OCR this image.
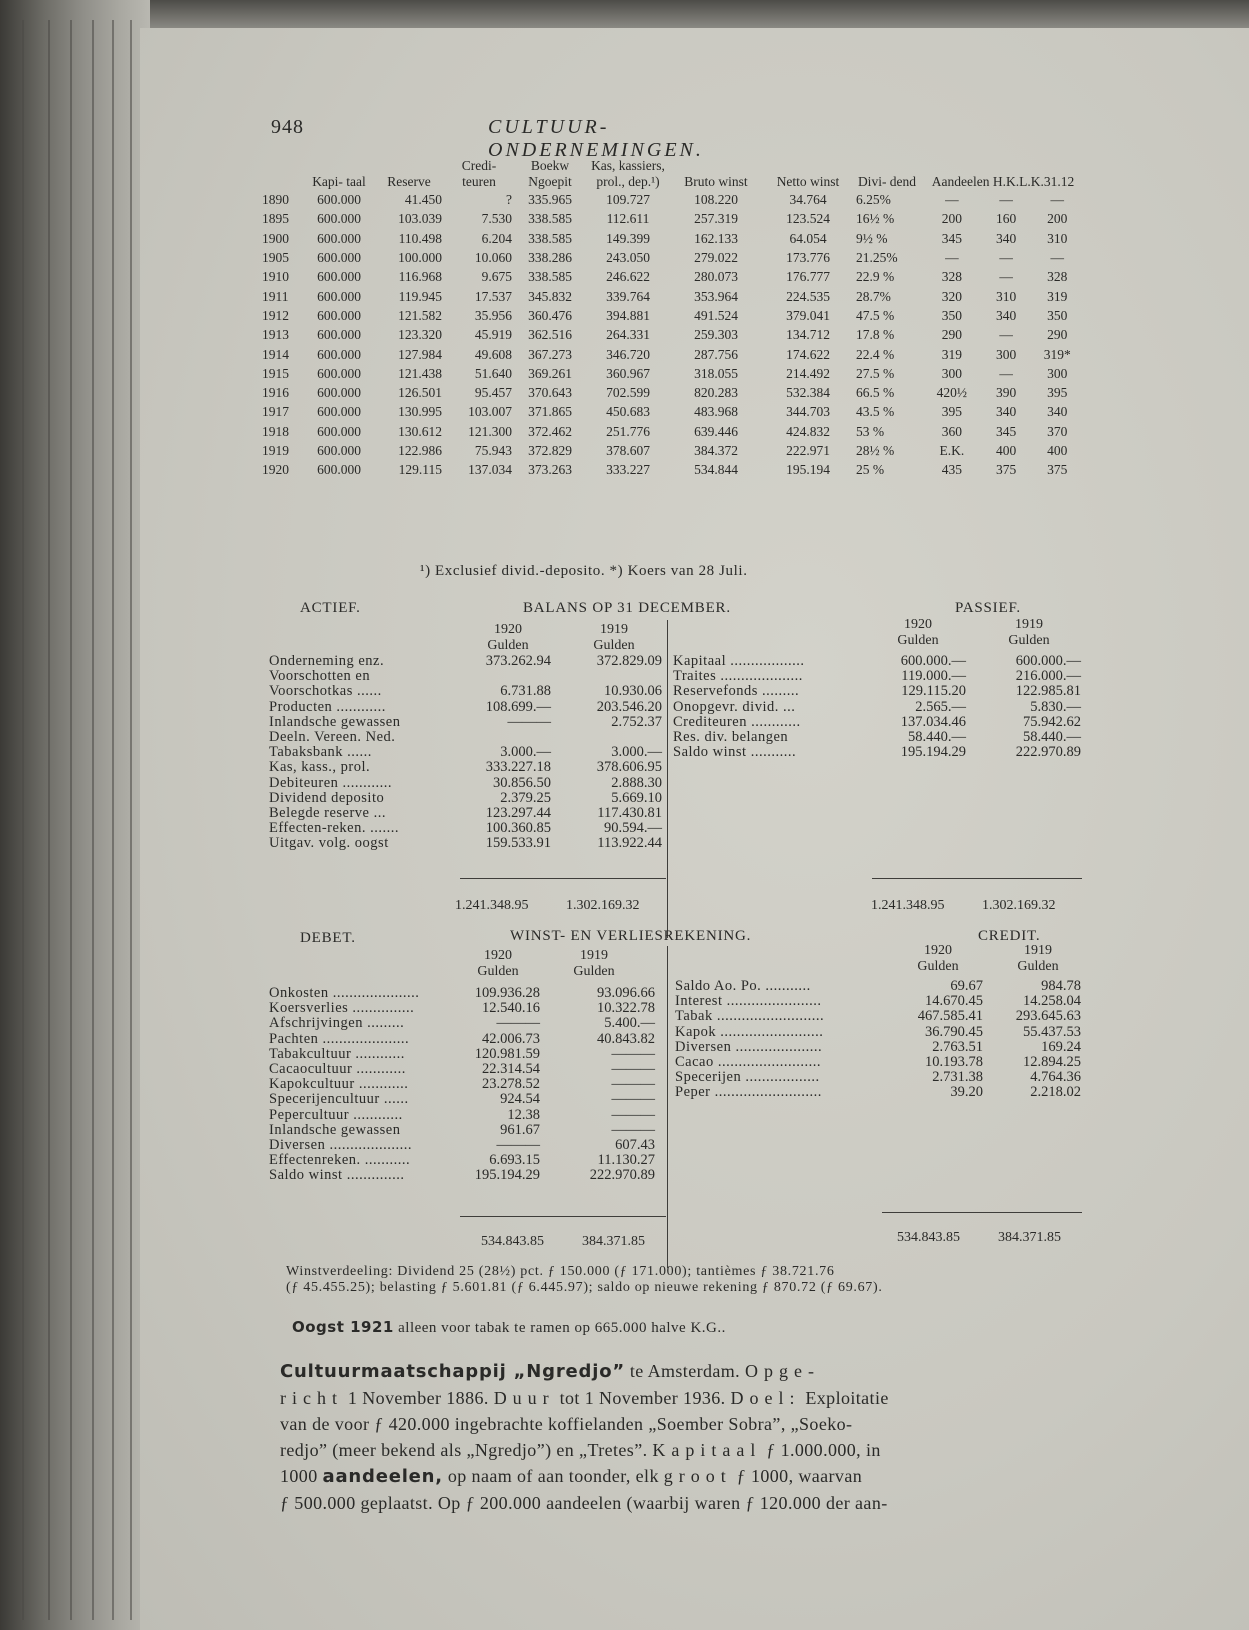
948	CULTUUR-ONDERNEMINGEN.
	Kapi- taal	Reserve	Credi- teuren	Boekw Ngoepit	Kas, kassiers, prol., dep.¹)	Bruto winst	Netto winst	Divi- dend	Aandeelen H.K.L.K.31.12		
1890	600.000	41.450	?	335.965	109.727	108.220	34.764	6.25%	—	—	—
1895	600.000	103.039	7.530	338.585	112.611	257.319	123.524	16½ %	200	160	200
1900	600.000	110.498	6.204	338.585	149.399	162.133	64.054	9½ %	345	340	310
1905	600.000	100.000	10.060	338.286	243.050	279.022	173.776	21.25%	—	—	—
1910	600.000	116.968	9.675	338.585	246.622	280.073	176.777	22.9 %	328	—	328
1911	600.000	119.945	17.537	345.832	339.764	353.964	224.535	28.7%	320	310	319
1912	600.000	121.582	35.956	360.476	394.881	491.524	379.041	47.5 %	350	340	350
1913	600.000	123.320	45.919	362.516	264.331	259.303	134.712	17.8 %	290	—	290
1914	600.000	127.984	49.608	367.273	346.720	287.756	174.622	22.4 %	319	300	319*
1915	600.000	121.438	51.640	369.261	360.967	318.055	214.492	27.5 %	300	—	300
1916	600.000	126.501	95.457	370.643	702.599	820.283	532.384	66.5 %	420½	390	395
1917	600.000	130.995	103.007	371.865	450.683	483.968	344.703	43.5 %	395	340	340
1918	600.000	130.612	121.300	372.462	251.776	639.446	424.832	53 %	360	345	370
1919	600.000	122.986	75.943	372.829	378.607	384.372	222.971	28½ %	E.K.	400	400
1920	600.000	129.115	137.034	373.263	333.227	534.844	195.194	25 %	435	375	375
¹) Exclusief divid.-deposito. *) Koers van 28 Juli.
ACTIEF.	BALANS OP 31 DECEMBER.	PASSIEF.
1920
Gulden
1919
Gulden
1920
Gulden
1919
Gulden
Onderneming enz.	373.262.94	372.829.09
Voorschotten en
Voorschotkas ......	6.731.88	10.930.06
Producten ............	108.699.—	203.546.20
Inlandsche gewassen	———	2.752.37
Deeln. Vereen. Ned.
Tabaksbank ......	3.000.—	3.000.—
Kas, kass., prol.	333.227.18	378.606.95
Debiteuren ............	30.856.50	2.888.30
Dividend deposito	2.379.25	5.669.10
Belegde reserve ...	123.297.44	117.430.81
Effecten-reken. .......	100.360.85	90.594.—
Uitgav. volg. oogst	159.533.91	113.922.44
Kapitaal ..................	600.000.—	600.000.—
Traites ....................	119.000.—	216.000.—
Reservefonds .........	129.115.20	122.985.81
Onopgevr. divid. ...	2.565.—	5.830.—
Crediteuren ............	137.034.46	75.942.62
Res. div. belangen	58.440.—	58.440.—
Saldo winst ...........	195.194.29	222.970.89
1.241.348.95	1.302.169.32	1.241.348.95	1.302.169.32
DEBET.	WINST- EN VERLIESREKENING.	CREDIT.
1920
Gulden
1919
Gulden
1920
Gulden
1919
Gulden
Onkosten .....................	109.936.28	93.096.66
Koersverlies ...............	12.540.16	10.322.78
Afschrijvingen .........	———	5.400.—
Pachten .....................	42.006.73	40.843.82
Tabakcultuur ............	120.981.59	———
Cacaocultuur ............	22.314.54	———
Kapokcultuur ............	23.278.52	———
Specerijencultuur ......	924.54	———
Pepercultuur ............	12.38	———
Inlandsche gewassen	961.67	———
Diversen ....................	———	607.43
Effectenreken. ...........	6.693.15	11.130.27
Saldo winst ..............	195.194.29	222.970.89
Saldo Ao. Po. ...........	69.67	984.78
Interest .......................	14.670.45	14.258.04
Tabak ..........................	467.585.41 293.645.63
Kapok .........................	36.790.45	55.437.53
Diversen .....................	2.763.51	169.24
Cacao .........................	10.193.78	12.894.25
Specerijen ..................	2.731.38	4.764.36
Peper ..........................	39.20	2.218.02
534.843.85	384.371.85	534.843.85	384.371.85
Winstverdeeling: Dividend 25 (28½) pct. ƒ 150.000 (ƒ 171.000); tantièmes ƒ 38.721.76
(ƒ 45.455.25); belasting ƒ 5.601.81 (ƒ 6.445.97); saldo op nieuwe rekening ƒ 870.72 (ƒ 69.67).
Oogst 1921 alleen voor tabak te ramen op 665.000 halve K.G..
Cultuurmaatschappij „Ngredjo” te Amsterdam. Opge-
richt 1 November 1886. Duur tot 1 November 1936. Doel: Exploitatie
van de voor ƒ 420.000 ingebrachte koffielanden „Soember Sobra”, „Soeko-
redjo” (meer bekend als „Ngredjo”) en „Tretes”. Kapitaal ƒ 1.000.000, in
1000 aandeelen, op naam of aan toonder, elk groot ƒ 1000, waarvan
ƒ 500.000 geplaatst. Op ƒ 200.000 aandeelen (waarbij waren ƒ 120.000 der aan-
